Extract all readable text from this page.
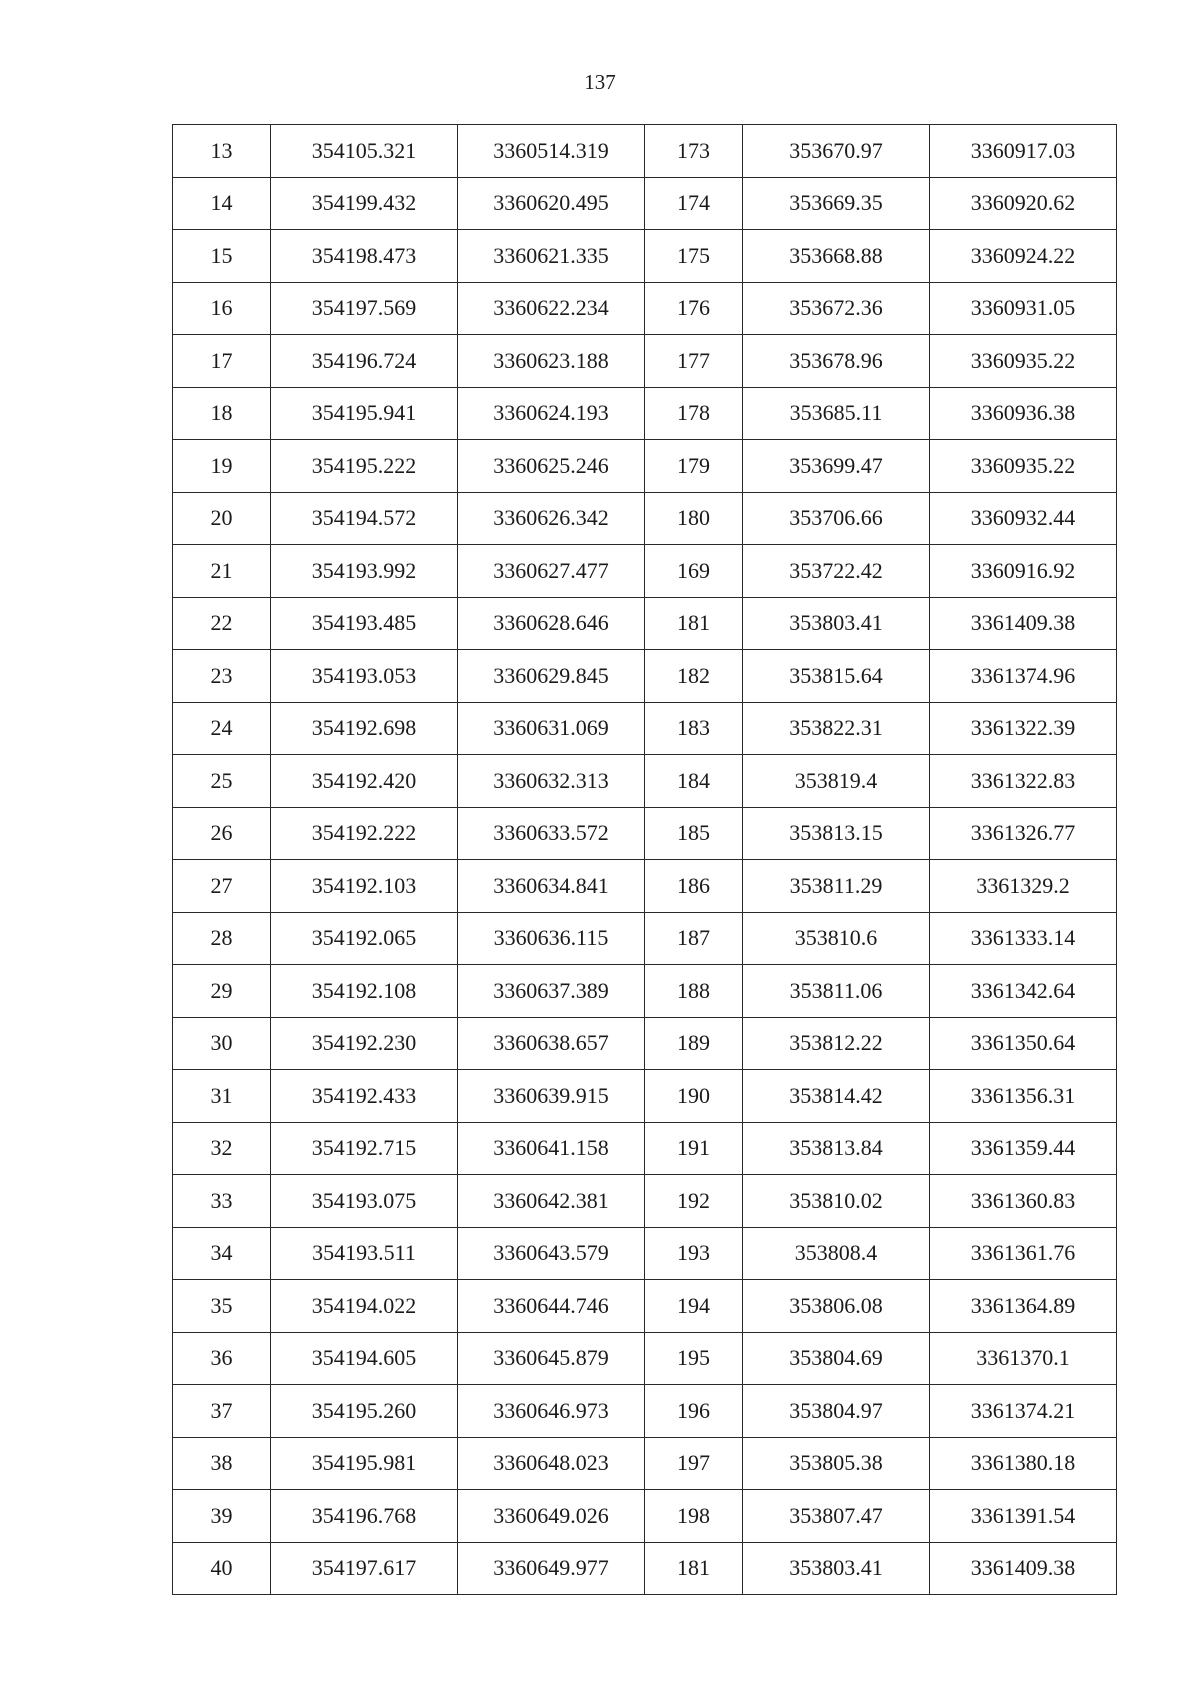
137
13	354105.321	3360514.319	173	353670.97	3360917.03
14	354199.432	3360620.495	174	353669.35	3360920.62
15	354198.473	3360621.335	175	353668.88	3360924.22
16	354197.569	3360622.234	176	353672.36	3360931.05
17	354196.724	3360623.188	177	353678.96	3360935.22
18	354195.941	3360624.193	178	353685.11	3360936.38
19	354195.222	3360625.246	179	353699.47	3360935.22
20	354194.572	3360626.342	180	353706.66	3360932.44
21	354193.992	3360627.477	169	353722.42	3360916.92
22	354193.485	3360628.646	181	353803.41	3361409.38
23	354193.053	3360629.845	182	353815.64	3361374.96
24	354192.698	3360631.069	183	353822.31	3361322.39
25	354192.420	3360632.313	184	353819.4	3361322.83
26	354192.222	3360633.572	185	353813.15	3361326.77
27	354192.103	3360634.841	186	353811.29	3361329.2
28	354192.065	3360636.115	187	353810.6	3361333.14
29	354192.108	3360637.389	188	353811.06	3361342.64
30	354192.230	3360638.657	189	353812.22	3361350.64
31	354192.433	3360639.915	190	353814.42	3361356.31
32	354192.715	3360641.158	191	353813.84	3361359.44
33	354193.075	3360642.381	192	353810.02	3361360.83
34	354193.511	3360643.579	193	353808.4	3361361.76
35	354194.022	3360644.746	194	353806.08	3361364.89
36	354194.605	3360645.879	195	353804.69	3361370.1
37	354195.260	3360646.973	196	353804.97	3361374.21
38	354195.981	3360648.023	197	353805.38	3361380.18
39	354196.768	3360649.026	198	353807.47	3361391.54
40	354197.617	3360649.977	181	353803.41	3361409.38
